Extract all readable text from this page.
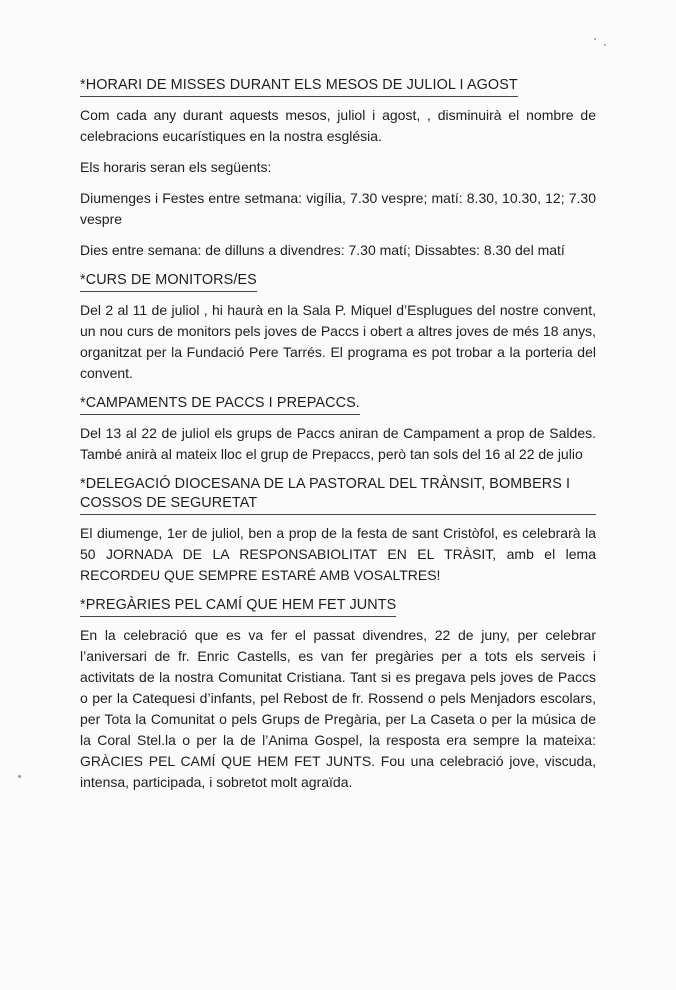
*HORARI DE MISSES DURANT ELS MESOS DE JULIOL I AGOST

Com cada any durant aquests mesos, juliol i agost, , disminuirà el nombre de celebracions eucarístiques en la nostra església.

Els horaris seran els següents:

Diumenges i Festes entre setmana: vigília, 7.30 vespre; matí: 8.30, 10.30, 12; 7.30 vespre

Dies entre semana: de dilluns a divendres: 7.30 matí; Dissabtes: 8.30 del matí

*CURS DE MONITORS/ES

Del 2 al 11 de juliol , hi haurà en la Sala P. Miquel d’Esplugues del nostre convent, un nou curs de monitors pels joves de Paccs i obert a altres joves de més 18 anys, organitzat per la Fundació Pere Tarrés. El programa es pot trobar a la porteria del convent.

*CAMPAMENTS DE PACCS I PREPACCS.

Del 13 al 22 de juliol els grups de Paccs aniran de Campament a prop de Saldes. També anirà al mateix lloc el grup de Prepaccs, però tan sols del 16 al 22 de julio

*DELEGACIÓ DIOCESANA DE LA PASTORAL DEL TRÀNSIT, BOMBERS I COSSOS DE SEGURETAT

El diumenge, 1er de juliol, ben a prop de la festa de sant Cristòfol, es celebrarà la 50 JORNADA DE LA RESPONSABIOLITAT EN EL TRÀSIT, amb el lema RECORDEU QUE SEMPRE ESTARÉ AMB VOSALTRES!

*PREGÀRIES PEL CAMÍ QUE HEM FET JUNTS

En la celebració que es va fer el passat divendres, 22 de juny, per celebrar l’aniversari de fr. Enric Castells, es van fer pregàries per a tots els serveis i activitats de la nostra Comunitat Cristiana. Tant si es pregava pels joves de Paccs o per la Catequesi d’infants, pel Rebost de fr. Rossend o pels Menjadors escolars, per Tota la Comunitat o pels Grups de Pregària, per La Caseta o per la música de la Coral Stel.la o per la de l’Anima Gospel, la resposta era sempre la mateixa: GRÀCIES PEL CAMÍ QUE HEM FET JUNTS. Fou una celebració jove, viscuda, intensa, participada, i sobretot molt agraïda.
